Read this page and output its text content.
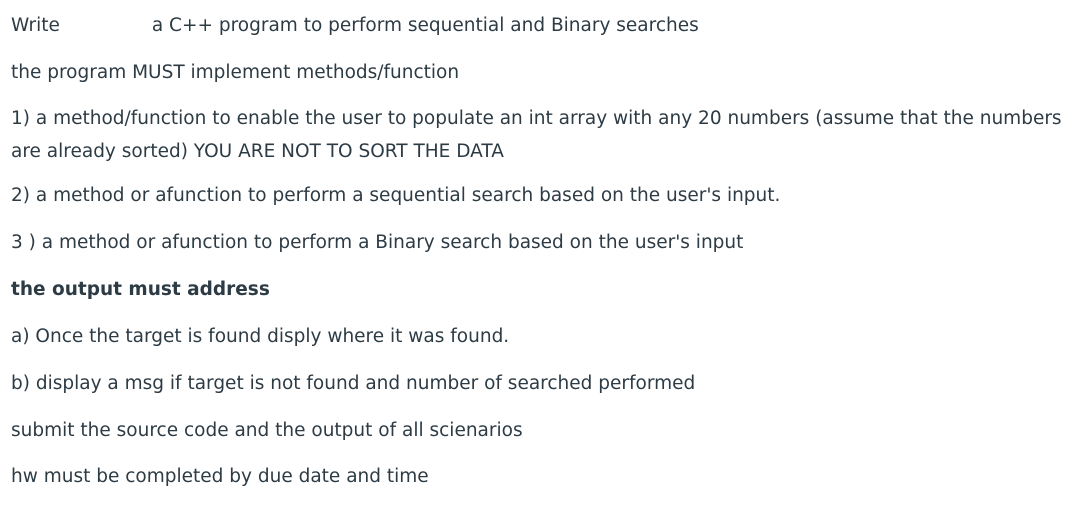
Write	a C++ program to perform sequential and Binary searches
the program MUST implement methods/function
1) a method/function to enable the user to populate an int array with any 20 numbers (assume that the numbers are already sorted) YOU ARE NOT TO SORT THE DATA
2) a method or afunction to perform a sequential search based on the user's input.
3 ) a method or afunction to perform a Binary search based on the user's input
the output must address
a) Once the target is found disply where it was found.
b) display a msg if target is not found and number of searched performed
submit the source code and the output of all scienarios
hw must be completed by due date and time
